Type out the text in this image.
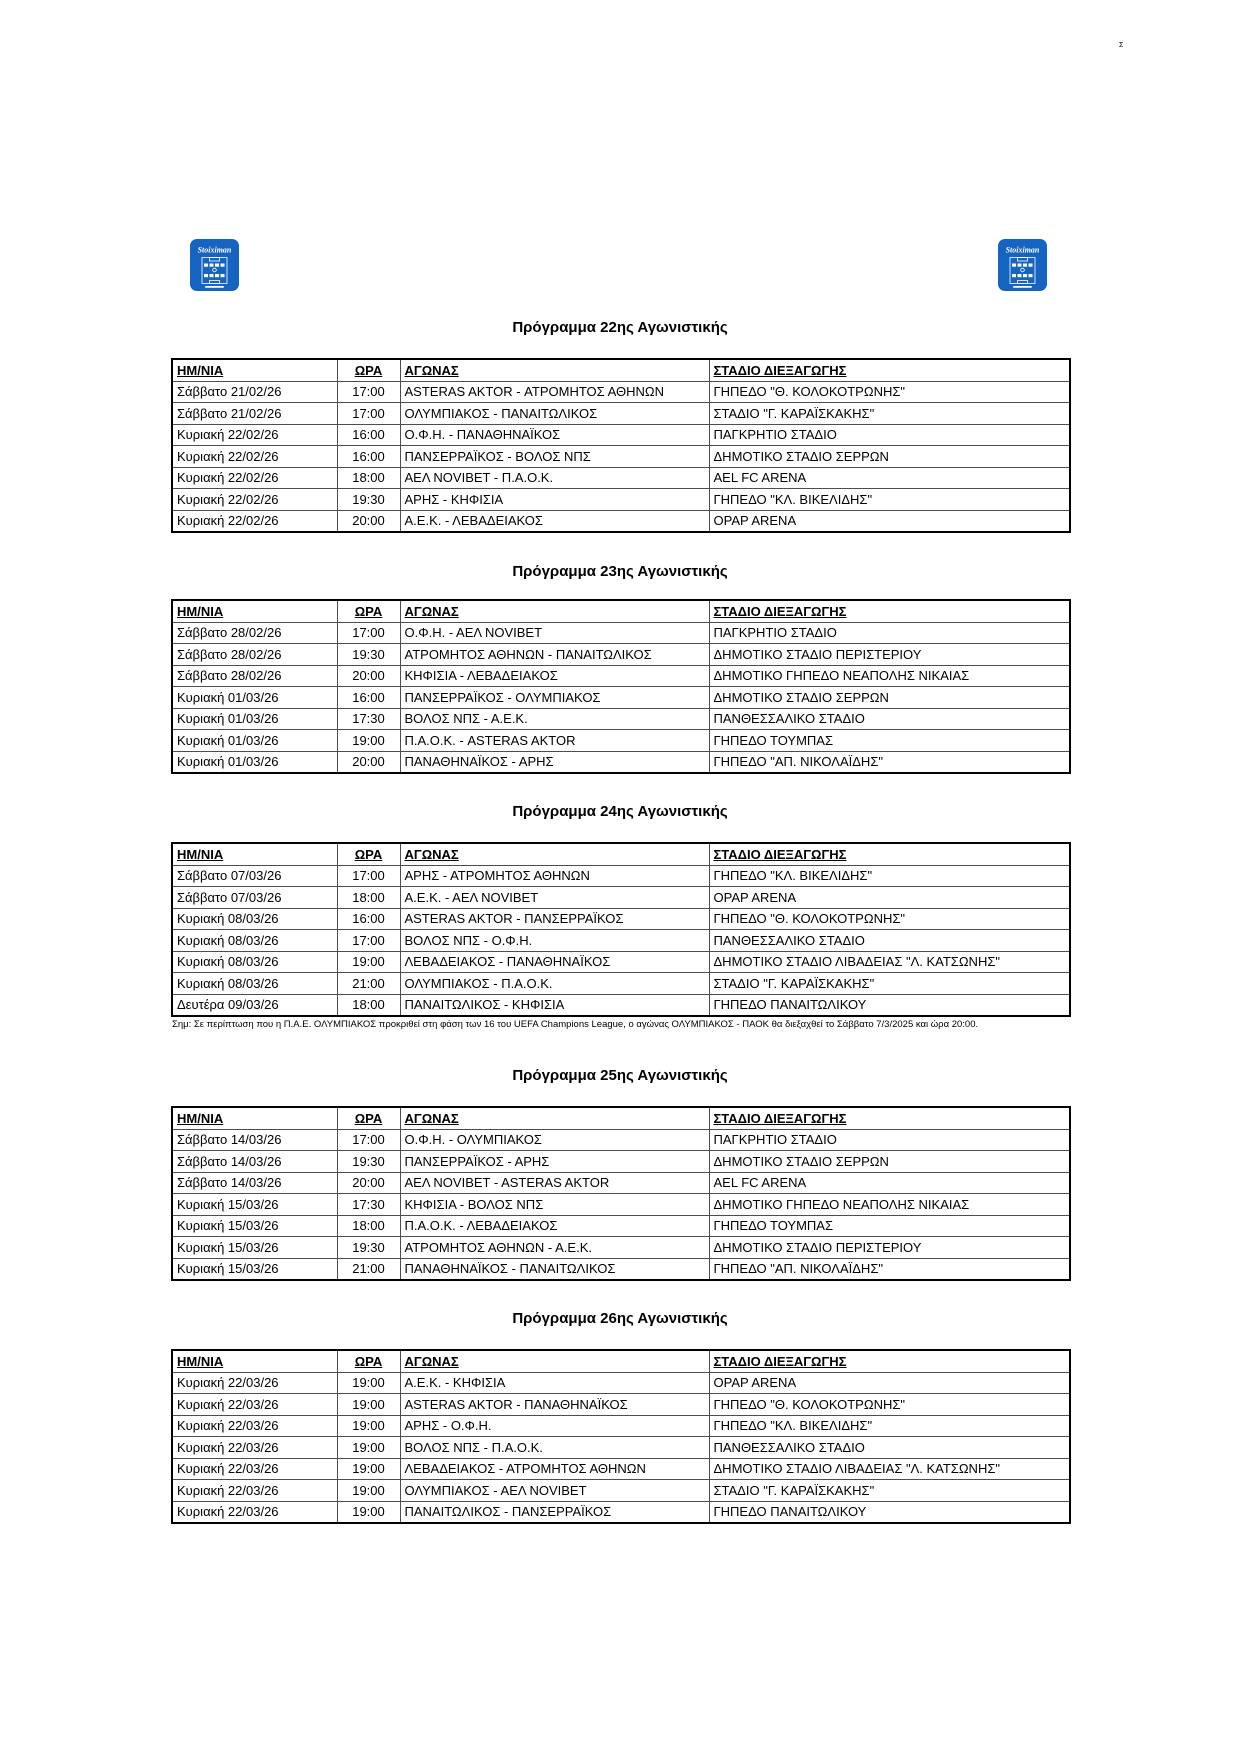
Σ
Stoiximan	Stoiximan
Πρόγραμμα 22ης Αγωνιστικής
ΗΜ/ΝΙΑ	ΩΡΑ	ΑΓΩΝΑΣ	ΣΤΑΔΙΟ ΔΙΕΞΑΓΩΓΗΣ
Σάββατο 21/02/26	17:00	ASTERAS AKTOR - ΑΤΡΟΜΗΤΟΣ ΑΘΗΝΩΝ	ΓΗΠΕΔΟ "Θ. ΚΟΛΟΚΟΤΡΩΝΗΣ"
Σάββατο 21/02/26	17:00	ΟΛΥΜΠΙΑΚΟΣ - ΠΑΝΑΙΤΩΛΙΚΟΣ	ΣΤΑΔΙΟ "Γ. ΚΑΡΑΪΣΚΑΚΗΣ"
Κυριακή 22/02/26	16:00	Ο.Φ.Η. - ΠΑΝΑΘΗΝΑΪΚΟΣ	ΠΑΓΚΡΗΤΙΟ ΣΤΑΔΙΟ
Κυριακή 22/02/26	16:00	ΠΑΝΣΕΡΡΑΪΚΟΣ - ΒΟΛΟΣ ΝΠΣ	ΔΗΜΟΤΙΚΟ ΣΤΑΔΙΟ ΣΕΡΡΩΝ
Κυριακή 22/02/26	18:00	ΑΕΛ NOVIBET - Π.Α.Ο.Κ.	AEL FC ARENA
Κυριακή 22/02/26	19:30	ΑΡΗΣ - ΚΗΦΙΣΙΑ	ΓΗΠΕΔΟ "ΚΛ. ΒΙΚΕΛΙΔΗΣ"
Κυριακή 22/02/26	20:00	Α.Ε.Κ. - ΛΕΒΑΔΕΙΑΚΟΣ	OPAP ARENA
Πρόγραμμα 23ης Αγωνιστικής
ΗΜ/ΝΙΑ	ΩΡΑ	ΑΓΩΝΑΣ	ΣΤΑΔΙΟ ΔΙΕΞΑΓΩΓΗΣ
Σάββατο 28/02/26	17:00	Ο.Φ.Η. - ΑΕΛ NOVIBET	ΠΑΓΚΡΗΤΙΟ ΣΤΑΔΙΟ
Σάββατο 28/02/26	19:30	ΑΤΡΟΜΗΤΟΣ ΑΘΗΝΩΝ - ΠΑΝΑΙΤΩΛΙΚΟΣ	ΔΗΜΟΤΙΚΟ ΣΤΑΔΙΟ ΠΕΡΙΣΤΕΡΙΟΥ
Σάββατο 28/02/26	20:00	ΚΗΦΙΣΙΑ - ΛΕΒΑΔΕΙΑΚΟΣ	ΔΗΜΟΤΙΚΟ ΓΗΠΕΔΟ ΝΕΑΠΟΛΗΣ ΝΙΚΑΙΑΣ
Κυριακή 01/03/26	16:00	ΠΑΝΣΕΡΡΑΪΚΟΣ - ΟΛΥΜΠΙΑΚΟΣ	ΔΗΜΟΤΙΚΟ ΣΤΑΔΙΟ ΣΕΡΡΩΝ
Κυριακή 01/03/26	17:30	ΒΟΛΟΣ ΝΠΣ - Α.Ε.Κ.	ΠΑΝΘΕΣΣΑΛΙΚΟ ΣΤΑΔΙΟ
Κυριακή 01/03/26	19:00	Π.Α.Ο.Κ. - ASTERAS AKTOR	ΓΗΠΕΔΟ ΤΟΥΜΠΑΣ
Κυριακή 01/03/26	20:00	ΠΑΝΑΘΗΝΑΪΚΟΣ - ΑΡΗΣ	ΓΗΠΕΔΟ "ΑΠ. ΝΙΚΟΛΑΪΔΗΣ"
Πρόγραμμα 24ης Αγωνιστικής
ΗΜ/ΝΙΑ	ΩΡΑ	ΑΓΩΝΑΣ	ΣΤΑΔΙΟ ΔΙΕΞΑΓΩΓΗΣ
Σάββατο 07/03/26	17:00	ΑΡΗΣ - ΑΤΡΟΜΗΤΟΣ ΑΘΗΝΩΝ	ΓΗΠΕΔΟ "ΚΛ. ΒΙΚΕΛΙΔΗΣ"
Σάββατο 07/03/26	18:00	Α.Ε.Κ. - ΑΕΛ NOVIBET	OPAP ARENA
Κυριακή 08/03/26	16:00	ASTERAS AKTOR - ΠΑΝΣΕΡΡΑΪΚΟΣ	ΓΗΠΕΔΟ "Θ. ΚΟΛΟΚΟΤΡΩΝΗΣ"
Κυριακή 08/03/26	17:00	ΒΟΛΟΣ ΝΠΣ - Ο.Φ.Η.	ΠΑΝΘΕΣΣΑΛΙΚΟ ΣΤΑΔΙΟ
Κυριακή 08/03/26	19:00	ΛΕΒΑΔΕΙΑΚΟΣ - ΠΑΝΑΘΗΝΑΪΚΟΣ	ΔΗΜΟΤΙΚΟ ΣΤΑΔΙΟ ΛΙΒΑΔΕΙΑΣ "Λ. ΚΑΤΣΩΝΗΣ"
Κυριακή 08/03/26	21:00	ΟΛΥΜΠΙΑΚΟΣ - Π.Α.Ο.Κ.	ΣΤΑΔΙΟ "Γ. ΚΑΡΑΪΣΚΑΚΗΣ"
Δευτέρα 09/03/26	18:00	ΠΑΝΑΙΤΩΛΙΚΟΣ - ΚΗΦΙΣΙΑ	ΓΗΠΕΔΟ ΠΑΝΑΙΤΩΛΙΚΟΥ
Σημ: Σε περίπτωση που η Π.Α.Ε. ΟΛΥΜΠΙΑΚΟΣ προκριθεί στη φάση των 16 του UEFA Champions League, ο αγώνας ΟΛΥΜΠΙΑΚΟΣ - ΠΑΟΚ θα διεξαχθεί το Σάββατο 7/3/2025 και ώρα 20:00.
Πρόγραμμα 25ης Αγωνιστικής
ΗΜ/ΝΙΑ	ΩΡΑ	ΑΓΩΝΑΣ	ΣΤΑΔΙΟ ΔΙΕΞΑΓΩΓΗΣ
Σάββατο 14/03/26	17:00	Ο.Φ.Η. - ΟΛΥΜΠΙΑΚΟΣ	ΠΑΓΚΡΗΤΙΟ ΣΤΑΔΙΟ
Σάββατο 14/03/26	19:30	ΠΑΝΣΕΡΡΑΪΚΟΣ - ΑΡΗΣ	ΔΗΜΟΤΙΚΟ ΣΤΑΔΙΟ ΣΕΡΡΩΝ
Σάββατο 14/03/26	20:00	ΑΕΛ NOVIBET - ASTERAS AKTOR	AEL FC ARENA
Κυριακή 15/03/26	17:30	ΚΗΦΙΣΙΑ - ΒΟΛΟΣ ΝΠΣ	ΔΗΜΟΤΙΚΟ ΓΗΠΕΔΟ ΝΕΑΠΟΛΗΣ ΝΙΚΑΙΑΣ
Κυριακή 15/03/26	18:00	Π.Α.Ο.Κ. - ΛΕΒΑΔΕΙΑΚΟΣ	ΓΗΠΕΔΟ ΤΟΥΜΠΑΣ
Κυριακή 15/03/26	19:30	ΑΤΡΟΜΗΤΟΣ ΑΘΗΝΩΝ - Α.Ε.Κ.	ΔΗΜΟΤΙΚΟ ΣΤΑΔΙΟ ΠΕΡΙΣΤΕΡΙΟΥ
Κυριακή 15/03/26	21:00	ΠΑΝΑΘΗΝΑΪΚΟΣ - ΠΑΝΑΙΤΩΛΙΚΟΣ	ΓΗΠΕΔΟ "ΑΠ. ΝΙΚΟΛΑΪΔΗΣ"
Πρόγραμμα 26ης Αγωνιστικής
ΗΜ/ΝΙΑ	ΩΡΑ	ΑΓΩΝΑΣ	ΣΤΑΔΙΟ ΔΙΕΞΑΓΩΓΗΣ
Κυριακή 22/03/26	19:00	Α.Ε.Κ. - ΚΗΦΙΣΙΑ	OPAP ARENA
Κυριακή 22/03/26	19:00	ASTERAS AKTOR - ΠΑΝΑΘΗΝΑΪΚΟΣ	ΓΗΠΕΔΟ "Θ. ΚΟΛΟΚΟΤΡΩΝΗΣ"
Κυριακή 22/03/26	19:00	ΑΡΗΣ - Ο.Φ.Η.	ΓΗΠΕΔΟ "ΚΛ. ΒΙΚΕΛΙΔΗΣ"
Κυριακή 22/03/26	19:00	ΒΟΛΟΣ ΝΠΣ - Π.Α.Ο.Κ.	ΠΑΝΘΕΣΣΑΛΙΚΟ ΣΤΑΔΙΟ
Κυριακή 22/03/26	19:00	ΛΕΒΑΔΕΙΑΚΟΣ - ΑΤΡΟΜΗΤΟΣ ΑΘΗΝΩΝ	ΔΗΜΟΤΙΚΟ ΣΤΑΔΙΟ ΛΙΒΑΔΕΙΑΣ "Λ. ΚΑΤΣΩΝΗΣ"
Κυριακή 22/03/26	19:00	ΟΛΥΜΠΙΑΚΟΣ - ΑΕΛ NOVIBET	ΣΤΑΔΙΟ "Γ. ΚΑΡΑΪΣΚΑΚΗΣ"
Κυριακή 22/03/26	19:00	ΠΑΝΑΙΤΩΛΙΚΟΣ - ΠΑΝΣΕΡΡΑΪΚΟΣ	ΓΗΠΕΔΟ ΠΑΝΑΙΤΩΛΙΚΟΥ
